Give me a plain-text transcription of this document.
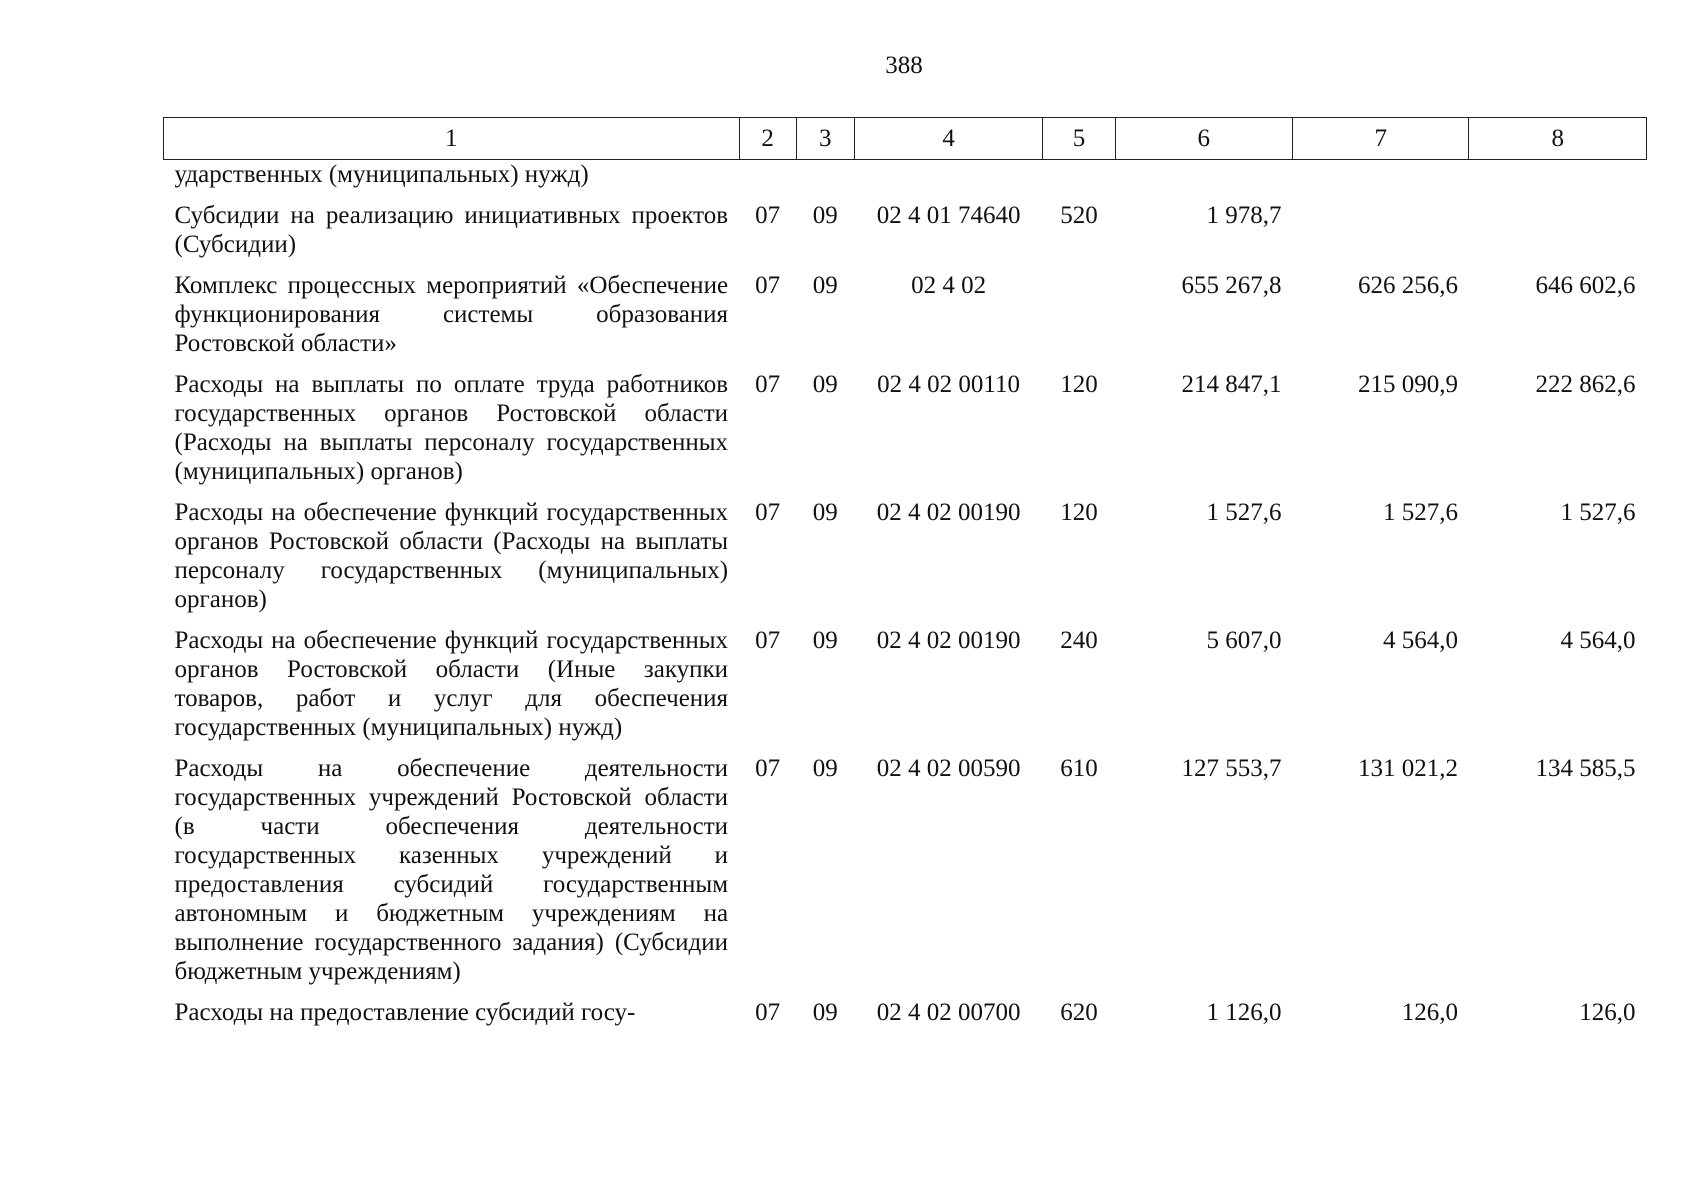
388
1	2	3	4	5	6	7	8
ударственных (муниципальных) нужд)							
Субсидии на реализацию инициативных проектов (Субсидии)	07	09	02 4 01 74640	520	1 978,7		
Комплекс процессных мероприятий «Обеспечение функционирования системы образования Ростовской области»	07	09	02 4 02		655 267,8	626 256,6	646 602,6
Расходы на выплаты по оплате труда работников государственных органов Ростовской области (Расходы на выплаты персоналу государственных (муниципальных) органов)	07	09	02 4 02 00110	120	214 847,1	215 090,9	222 862,6
Расходы на обеспечение функций государственных органов Ростовской области (Расходы на выплаты персоналу государственных (муниципальных) органов)	07	09	02 4 02 00190	120	1 527,6	1 527,6	1 527,6
Расходы на обеспечение функций государственных органов Ростовской области (Иные закупки товаров, работ и услуг для обеспечения государственных (муниципальных) нужд)	07	09	02 4 02 00190	240	5 607,0	4 564,0	4 564,0
Расходы на обеспечение деятельности государственных учреждений Ростовской области (в части обеспечения деятельности государственных казенных учреждений и предоставления субсидий государственным автономным и бюджетным учреждениям на выполнение государственного задания) (Субсидии бюджетным учреждениям)	07	09	02 4 02 00590	610	127 553,7	131 021,2	134 585,5
Расходы на предоставление субсидий госу-	07	09	02 4 02 00700	620	1 126,0	126,0	126,0
